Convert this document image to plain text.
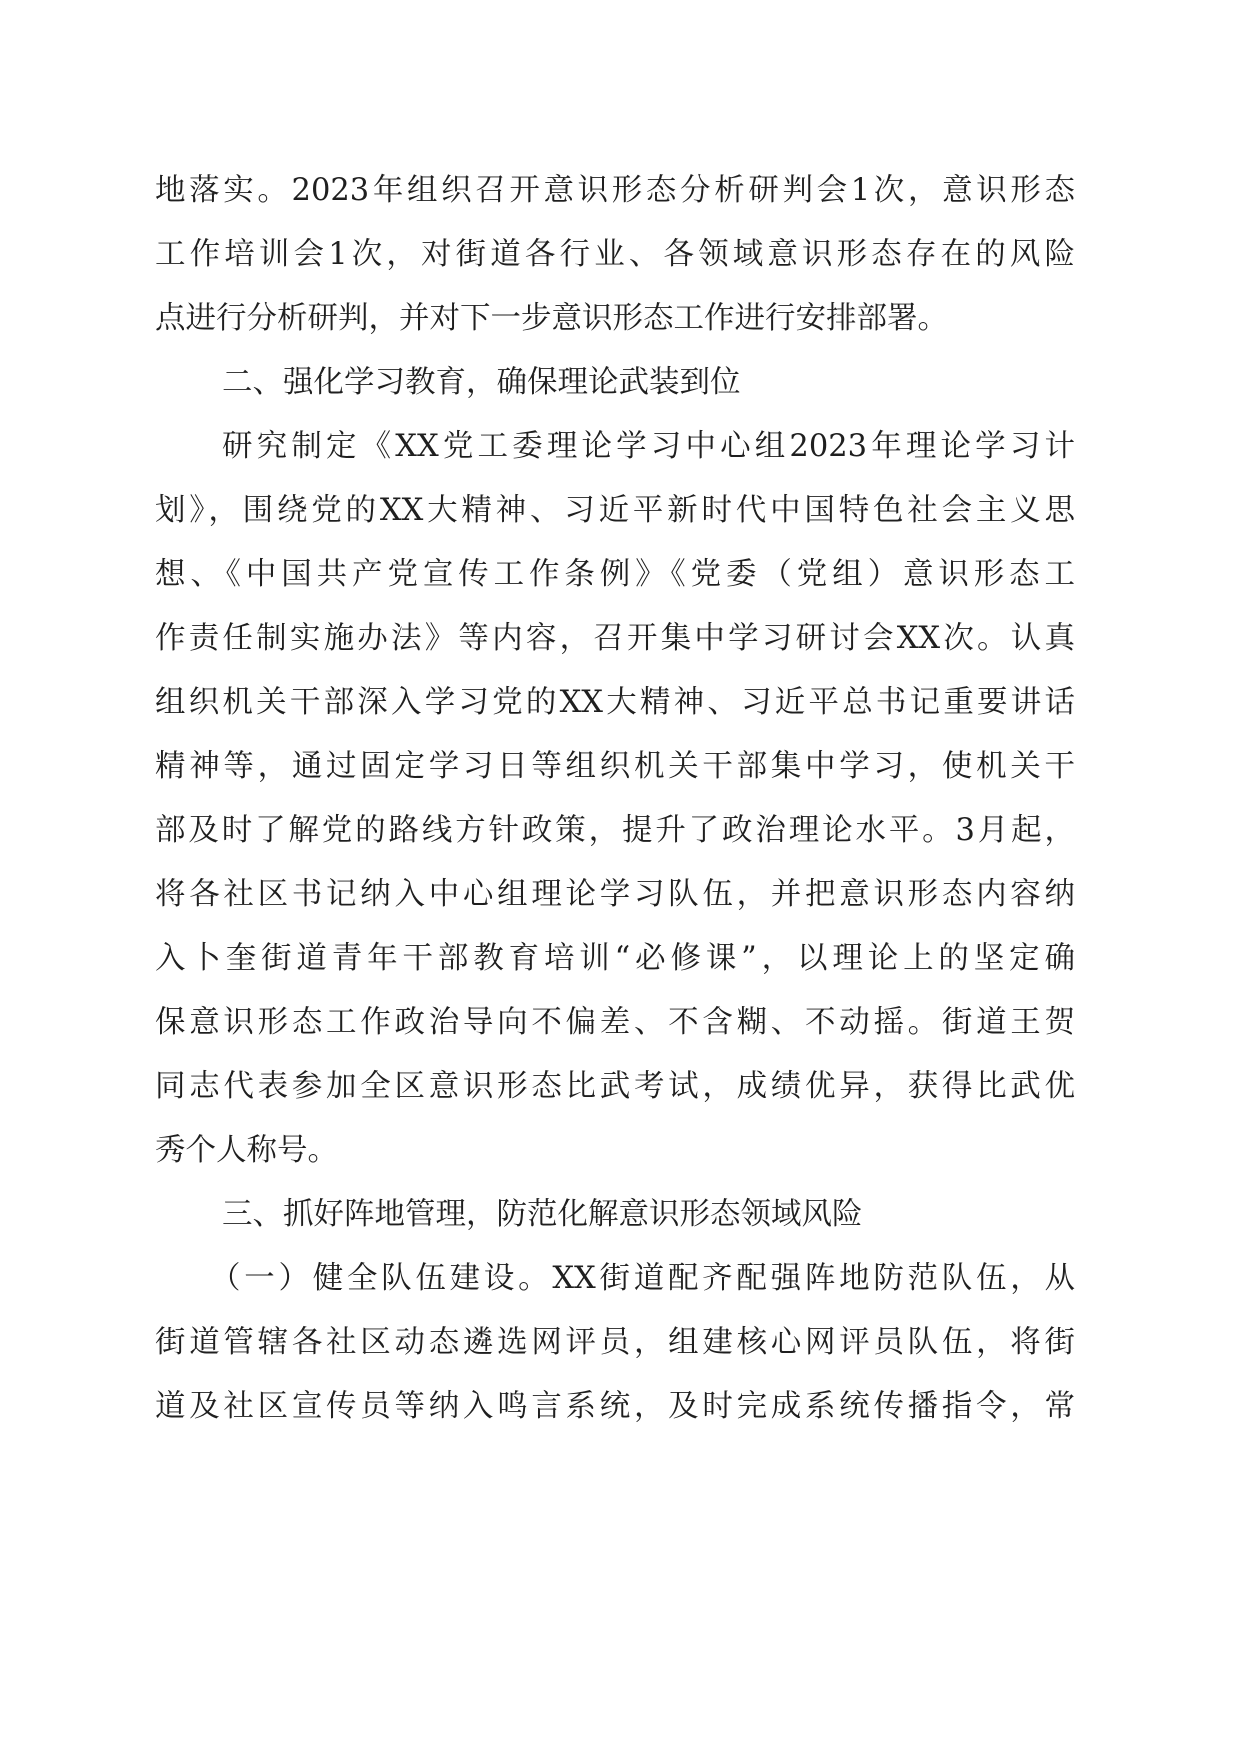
地落实。2023年组织召开意识形态分析研判会1次，意识形态
工作培训会1次，对街道各行业、各领域意识形态存在的风险
点进行分析研判，并对下一步意识形态工作进行安排部署。
二、强化学习教育，确保理论武装到位
研究制定《XX党工委理论学习中心组2023年理论学习计
划》，围绕党的XX大精神、习近平新时代中国特色社会主义思
想、《中国共产党宣传工作条例》《党委（党组）意识形态工
作责任制实施办法》等内容，召开集中学习研讨会XX次。认真
组织机关干部深入学习党的XX大精神、习近平总书记重要讲话
精神等，通过固定学习日等组织机关干部集中学习，使机关干
部及时了解党的路线方针政策，提升了政治理论水平。3月起，
将各社区书记纳入中心组理论学习队伍，并把意识形态内容纳
入卜奎街道青年干部教育培训“必修课”，以理论上的坚定确
保意识形态工作政治导向不偏差、不含糊、不动摇。街道王贺
同志代表参加全区意识形态比武考试，成绩优异，获得比武优
秀个人称号。
三、抓好阵地管理，防范化解意识形态领域风险
（一）健全队伍建设。XX街道配齐配强阵地防范队伍，从
街道管辖各社区动态遴选网评员，组建核心网评员队伍，将街
道及社区宣传员等纳入鸣言系统，及时完成系统传播指令，常
